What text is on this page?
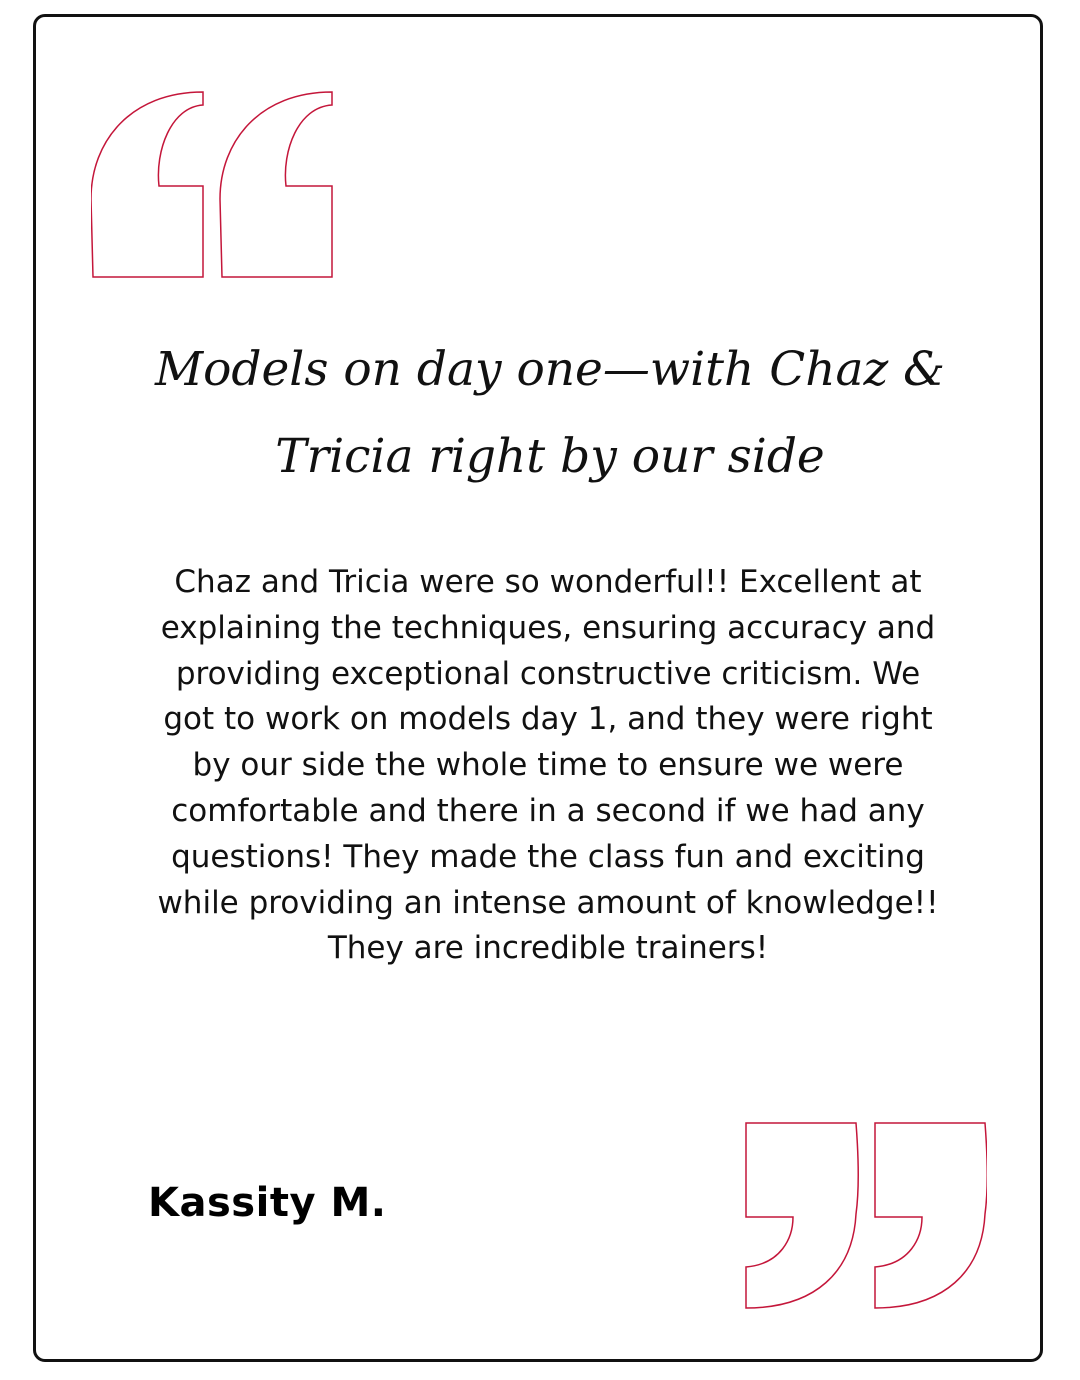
Models on day one—with Chaz & Tricia right by our side

Chaz and Tricia were so wonderful!! Excellent at explaining the techniques, ensuring accuracy and providing exceptional constructive criticism. We got to work on models day 1, and they were right by our side the whole time to ensure we were comfortable and there in a second if we had any questions! They made the class fun and exciting while providing an intense amount of knowledge!! They are incredible trainers!

Kassity M.
